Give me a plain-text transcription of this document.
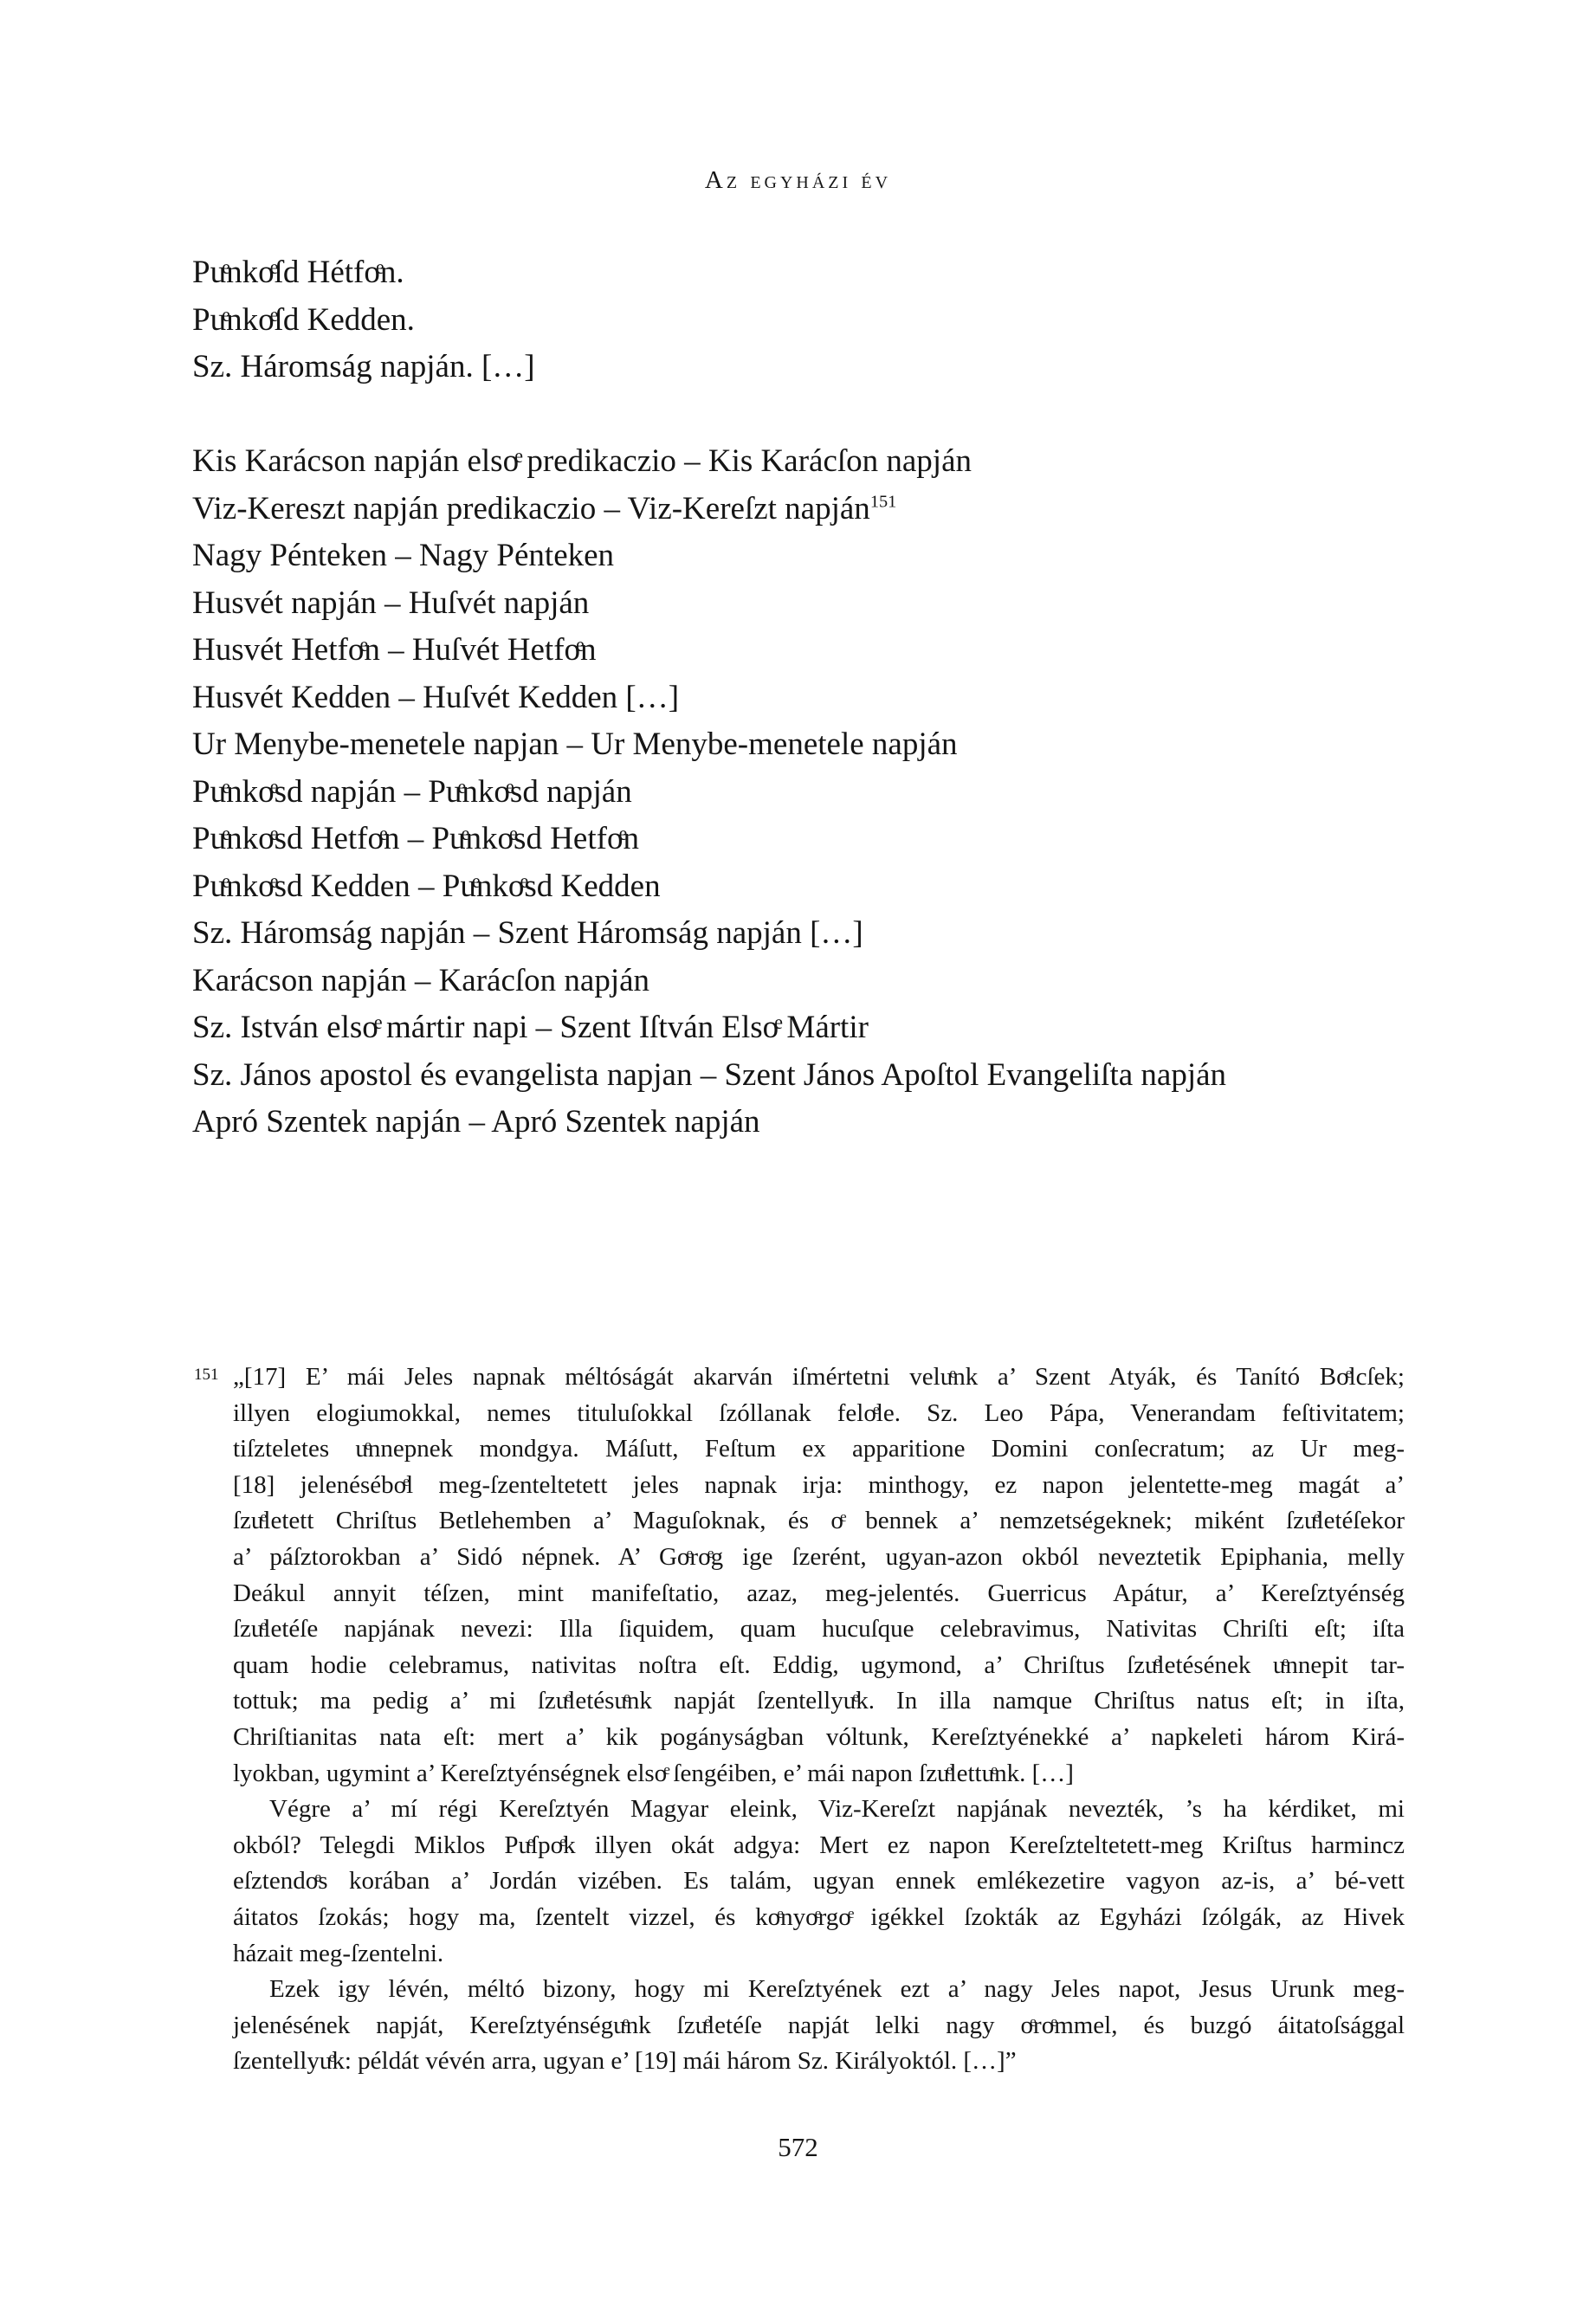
Az egyházi év
Puͤnkoͤſd Hétfoͤn.
Puͤnkoͤſd Kedden.
Sz. Háromság napján. […]
Kis Karácson napján elsoͤ predikaczio – Kis Karácſon napján
Viz-Kereszt napján predikaczio – Viz-Kereſzt napján$^{151}$
Nagy Pénteken – Nagy Pénteken
Husvét napján – Huſvét napján
Husvét Hetfoͤn – Huſvét Hetfoͤn
Husvét Kedden – Huſvét Kedden […]
Ur Menybe-menetele napjan – Ur Menybe-menetele napján
Puͤnkoͤsd napján – Puͤnkoͤsd napján
Puͤnkoͤsd Hetfoͤn – Puͤnkoͤsd Hetfoͤn
Puͤnkoͤsd Kedden – Puͤnkoͤsd Kedden
Sz. Háromság napján – Szent Háromság napján […]
Karácson napján – Karácſon napján
Sz. István elsoͤ mártir napi – Szent Iſtván Elsoͤ Mártir
Sz. János apostol és evangelista napjan – Szent János Apoſtol Evangeliſta napján
Apró Szentek napján – Apró Szentek napján
151 „[17] E’ mái Jeles napnak méltóságát akarván iſmértetni veluͤnk a’ Szent Atyák, és Tanító Boͤlcſek;
illyen elogiumokkal, nemes tituluſokkal ſzóllanak feloͤle. Sz. Leo Pápa, Venerandam feſtivitatem;
tiſzteletes uͤnnepnek mondgya. Máſutt, Feſtum ex apparitione Domini conſecratum; az Ur meg-
[18] jelenéséboͤl meg-ſzenteltetett jeles napnak irja: minthogy, ez napon jelentette-meg magát a’
ſzuͤletett Chriſtus Betlehemben a’ Maguſoknak, és oͤ bennek a’ nemzetségeknek; miként ſzuͤletéſekor
a’ páſztorokban a’ Sidó népnek. A’ Goͤroͤg ige ſzerént, ugyan-azon okból neveztetik Epiphania, melly
Deákul annyit téſzen, mint manifeſtatio, azaz, meg-jelentés. Guerricus Apátur, a’ Kereſztyénség
ſzuͤletéſe napjának nevezi: Illa ſiquidem, quam hucuſque celebravimus, Nativitas Chriſti eſt; iſta
quam hodie celebramus, nativitas noſtra eſt. Eddig, ugymond, a’ Chriſtus ſzuͤletésének uͤnnepit tar-
tottuk; ma pedig a’ mi ſzuͤletésuͤnk napját ſzentellyuͤk. In illa namque Chriſtus natus eſt; in iſta,
Chriſtianitas nata eſt: mert a’ kik pogányságban vóltunk, Kereſztyénekké a’ napkeleti három Kirá-
lyokban, ugymint a’ Kereſztyénségnek elsoͤ ſengéiben, e’ mái napon ſzuͤlettuͤnk. […]
Végre a’ mí régi Kereſztyén Magyar eleink, Viz-Kereſzt napjának nevezték, ’s ha kérdiket, mi
okból? Telegdi Miklos Puͤſpoͤk illyen okát adgya: Mert ez napon Kereſzteltetett-meg Kriſtus harmincz
eſztendoͤs korában a’ Jordán vizében. Es talám, ugyan ennek emlékezetire vagyon az-is, a’ bé-vett
áitatos ſzokás; hogy ma, ſzentelt vizzel, és koͤnyoͤrgoͤ igékkel ſzokták az Egyházi ſzólgák, az Hivek
házait meg-ſzentelni.
Ezek igy lévén, méltó bizony, hogy mi Kereſztyének ezt a’ nagy Jeles napot, Jesus Urunk meg-
jelenésének napját, Kereſztyénséguͤnk ſzuͤletéſe napját lelki nagy oͤroͤmmel, és buzgó áitatoſsággal
ſzentellyuͤk: példát vévén arra, ugyan e’ [19] mái három Sz. Királyoktól. […]”
572
